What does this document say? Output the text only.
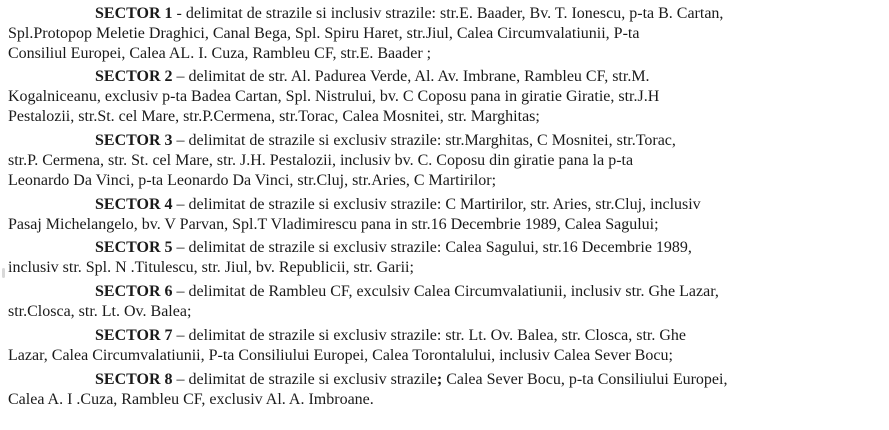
SECTOR 1 - delimitat de strazile si inclusiv strazile: str.E. Baader, Bv. T. Ionescu, p-ta B. Cartan,
Spl.Protopop Meletie Draghici, Canal Bega, Spl. Spiru Haret, str.Jiul, Calea Circumvalatiunii, P-ta
Consiliul Europei, Calea AL. I. Cuza, Rambleu CF, str.E. Baader ;
SECTOR 2 – delimitat de str. Al. Padurea Verde, Al. Av. Imbrane, Rambleu CF, str.M.
Kogalniceanu, exclusiv p-ta Badea Cartan, Spl. Nistrului, bv. C Coposu pana in giratie Giratie, str.J.H
Pestalozii, str.St. cel Mare, str.P.Cermena, str.Torac, Calea Mosnitei, str. Marghitas;
SECTOR 3 – delimitat de strazile si exclusiv strazile: str.Marghitas, C Mosnitei, str.Torac,
str.P. Cermena, str. St. cel Mare, str. J.H. Pestalozii, inclusiv bv. C. Coposu din giratie pana la p-ta
Leonardo Da Vinci, p-ta Leonardo Da Vinci, str.Cluj, str.Aries, C Martirilor;
SECTOR 4 – delimitat de strazile si exclusiv strazile: C Martirilor, str. Aries, str.Cluj, inclusiv
Pasaj Michelangelo, bv. V Parvan, Spl.T Vladimirescu pana in str.16 Decembrie 1989, Calea Sagului;
SECTOR 5 – delimitat de strazile si exclusiv strazile: Calea Sagului, str.16 Decembrie 1989,
inclusiv str. Spl. N .Titulescu, str. Jiul, bv. Republicii, str. Garii;
SECTOR 6 – delimitat de Rambleu CF, exculsiv Calea Circumvalatiunii, inclusiv str. Ghe Lazar,
str.Closca, str. Lt. Ov. Balea;
SECTOR 7 – delimitat de strazile si exclusiv strazile: str. Lt. Ov. Balea, str. Closca, str. Ghe
Lazar, Calea Circumvalatiunii, P-ta Consiliului Europei, Calea Torontalului, inclusiv Calea Sever Bocu;
SECTOR 8 – delimitat de strazile si exclusiv strazile; Calea Sever Bocu, p-ta Consiliului Europei,
Calea A. I .Cuza, Rambleu CF, exclusiv Al. A. Imbroane.
